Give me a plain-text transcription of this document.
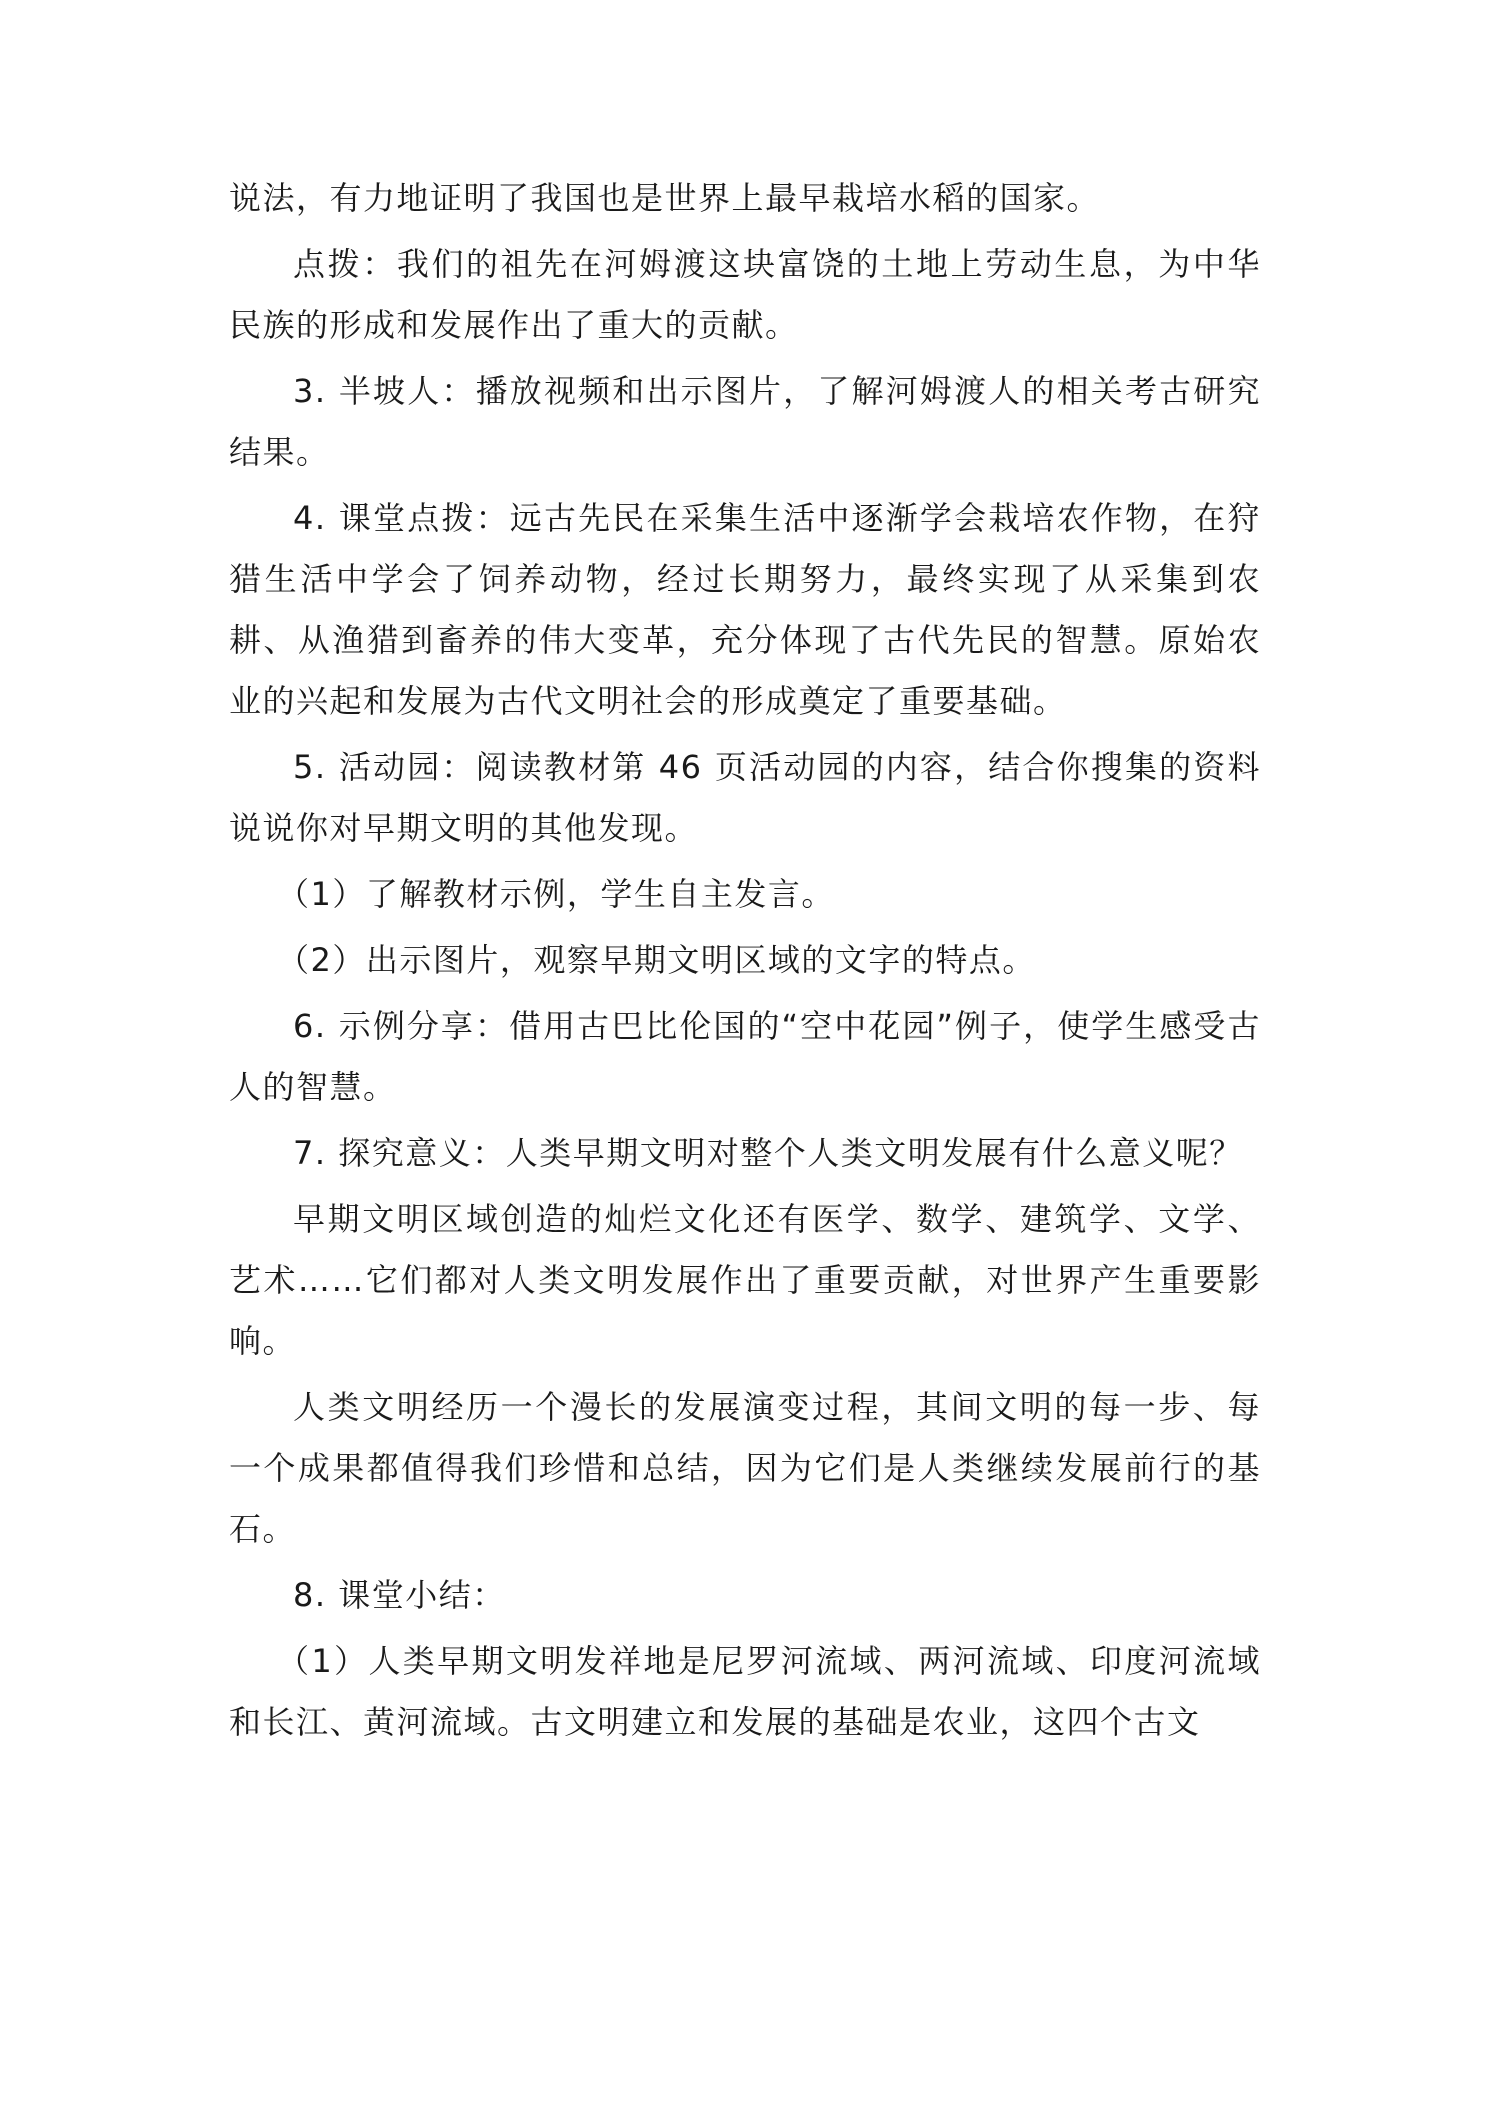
说法，有力地证明了我国也是世界上最早栽培水稻的国家。

点拨：我们的祖先在河姆渡这块富饶的土地上劳动生息，为中华民族的形成和发展作出了重大的贡献。

3. 半坡人：播放视频和出示图片，了解河姆渡人的相关考古研究结果。

4. 课堂点拨：远古先民在采集生活中逐渐学会栽培农作物，在狩猎生活中学会了饲养动物，经过长期努力，最终实现了从采集到农耕、从渔猎到畜养的伟大变革，充分体现了古代先民的智慧。原始农业的兴起和发展为古代文明社会的形成奠定了重要基础。

5. 活动园：阅读教材第 46 页活动园的内容，结合你搜集的资料说说你对早期文明的其他发现。

（1）了解教材示例，学生自主发言。

（2）出示图片，观察早期文明区域的文字的特点。

6. 示例分享：借用古巴比伦国的“空中花园”例子，使学生感受古人的智慧。

7. 探究意义：人类早期文明对整个人类文明发展有什么意义呢？

早期文明区域创造的灿烂文化还有医学、数学、建筑学、文学、艺术……它们都对人类文明发展作出了重要贡献，对世界产生重要影响。

人类文明经历一个漫长的发展演变过程，其间文明的每一步、每一个成果都值得我们珍惜和总结，因为它们是人类继续发展前行的基石。

8. 课堂小结：

（1）人类早期文明发祥地是尼罗河流域、两河流域、印度河流域和长江、黄河流域。古文明建立和发展的基础是农业，这四个古文
